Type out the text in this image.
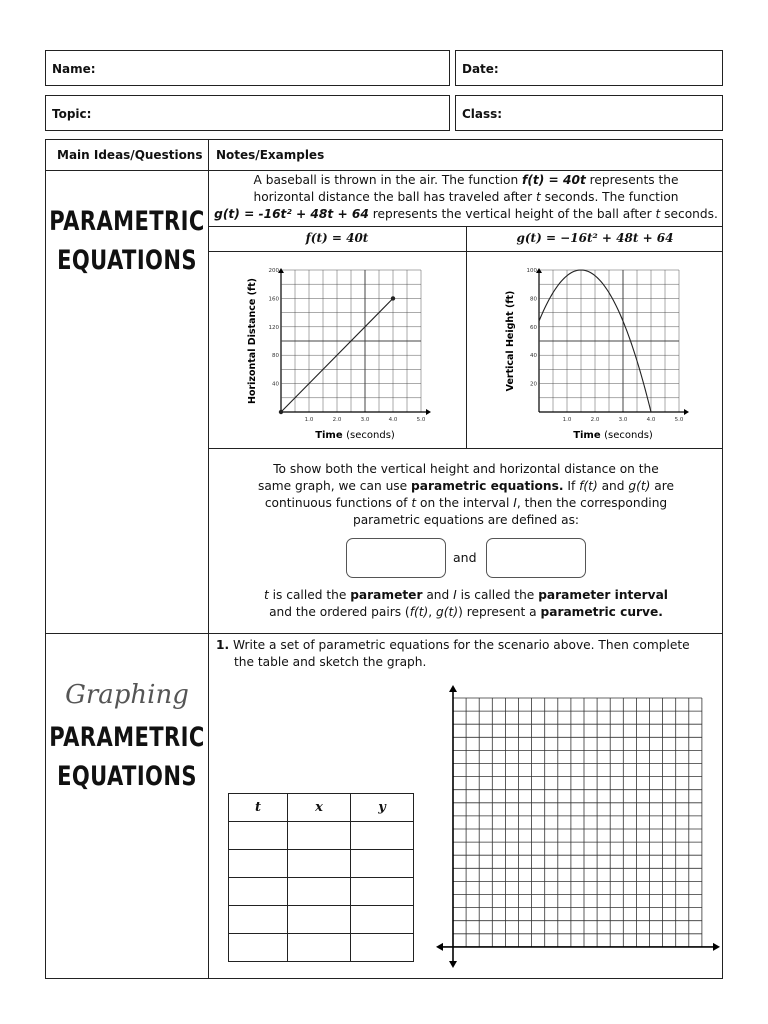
Name:	Date:
Topic:	Class:
Main Ideas/Questions Notes/Examples
PARAMETRIC
EQUATIONS
A baseball is thrown in the air. The function f(t) = 40t represents the
horizontal distance the ball has traveled after t seconds. The function
g(t) = -16t² + 48t + 64 represents the vertical height of the ball after t seconds.
f(t) = 40t	g(t) = −16t² + 48t + 64
1.0	2.0	3.0	4.0	5.0
40
80
120
160
200
Time (seconds)
Horizontal Distance (ft)
1.0	2.0	3.0	4.0	5.0
20
40
60
80
100
Time (seconds)
Vertical Height (ft)
To show both the vertical height and horizontal distance on the
same graph, we can use parametric equations. If f(t) and g(t) are
continuous functions of t on the interval I, then the corresponding
parametric equations are defined as:
and
t is called the parameter and I is called the parameter interval
and the ordered pairs (f(t), g(t)) represent a parametric curve.
Graphing
PARAMETRIC
EQUATIONS
1. Write a set of parametric equations for the scenario above. Then complete
the table and sketch the graph.
t	x	y
